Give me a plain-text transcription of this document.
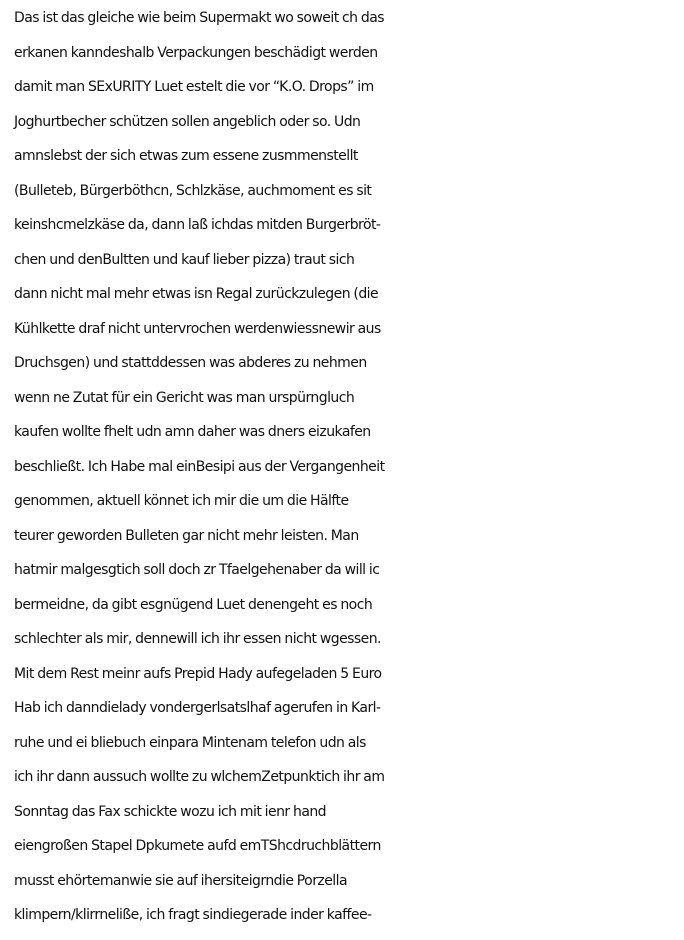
Das ist das gleiche wie beim Supermakt wo soweit ch das
erkanen kanndeshalb Verpackungen beschädigt werden
damit man SExURITY Luet estelt die vor “K.O. Drops” im
Joghurtbecher schützen sollen angeblich oder so. Udn
amnslebst der sich etwas zum essene zusmmenstellt
(Bulleteb, Bürgerböthcn, Schlzkäse, auchmoment es sit
keinshcmelzkäse da, dann laß ichdas mitden Burgerbröt-
chen und denBultten und kauf lieber pizza) traut sich
dann nicht mal mehr etwas isn Regal zurückzulegen (die
Kühlkette draf nicht untervrochen werdenwiessnewir aus
Druchsgen) und stattddessen was abderes zu nehmen
wenn ne Zutat für ein Gericht was man urspürngluch
kaufen wollte fhelt udn amn daher was dners eizukafen
beschließt. Ich Habe mal einBesipi aus der Vergangenheit
genommen, aktuell könnet ich mir die um die Hälfte
teurer geworden Bulleten gar nicht mehr leisten. Man
hatmir malgesgtich soll doch zr Tfaelgehenaber da will ic
bermeidne, da gibt esgnügend Luet denengeht es noch
schlechter als mir, dennewill ich ihr essen nicht wgessen.
Mit dem Rest meinr aufs Prepid Hady aufegeladen 5 Euro
Hab ich danndielady vondergerlsatslhaf agerufen in Karl-
ruhe und ei bliebuch einpara Mintenam telefon udn als
ich ihr dann aussuch wollte zu wlchemZetpunktich ihr am
Sonntag das Fax schickte wozu ich mit ienr hand
eiengroßen Stapel Dpkumete aufd emTShcdruchblättern
musst ehörtemanwie sie auf ihersiteigrndie Porzella
klimpern/klirrneliße, ich fragt sindiegerade inder kaffee-
